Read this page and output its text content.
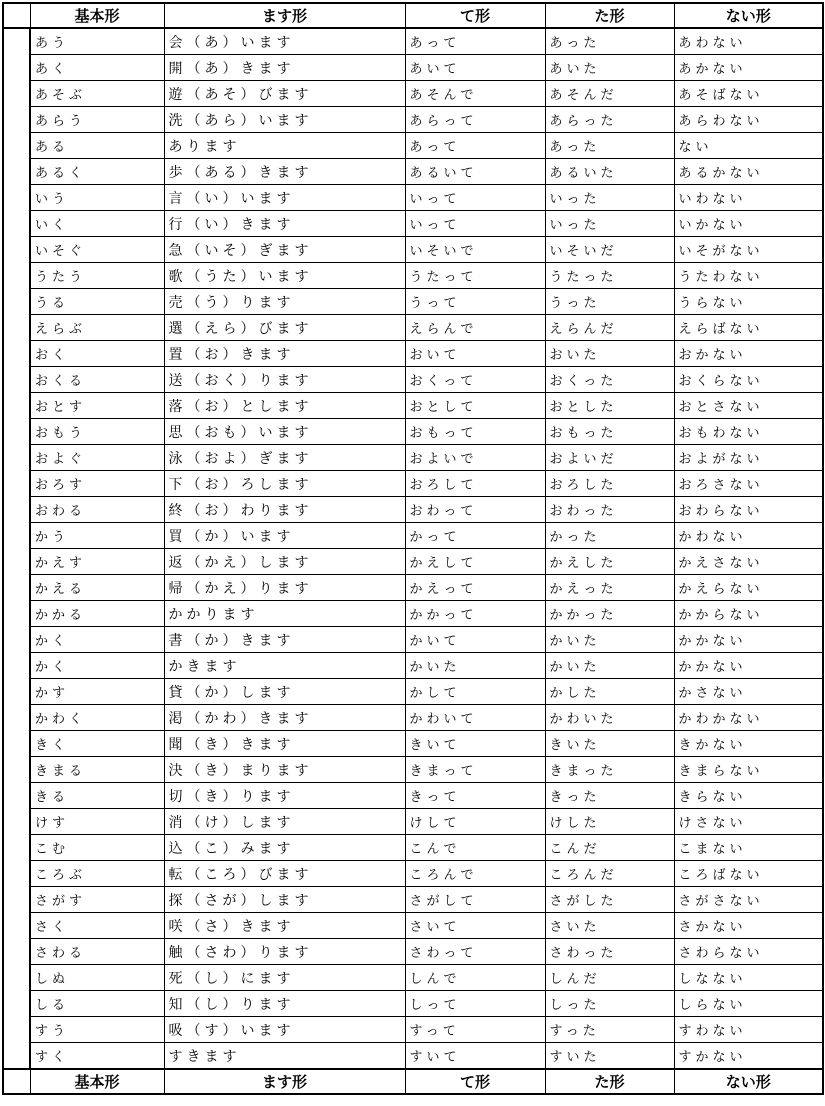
	基本形	ます形	て形	た形	ない形
	あう	会（あ）います	あって	あった	あわない
	あく	開（あ）きます	あいて	あいた	あかない
	あそぶ	遊（あそ）びます	あそんで	あそんだ	あそばない
	あらう	洗（あら）います	あらって	あらった	あらわない
	ある	あります	あって	あった	ない
	あるく	歩（ある）きます	あるいて	あるいた	あるかない
	いう	言（い）います	いって	いった	いわない
	いく	行（い）きます	いって	いった	いかない
	いそぐ	急（いそ）ぎます	いそいで	いそいだ	いそがない
	うたう	歌（うた）います	うたって	うたった	うたわない
	うる	売（う）ります	うって	うった	うらない
	えらぶ	選（えら）びます	えらんで	えらんだ	えらばない
	おく	置（お）きます	おいて	おいた	おかない
	おくる	送（おく）ります	おくって	おくった	おくらない
	おとす	落（お）とします	おとして	おとした	おとさない
	おもう	思（おも）います	おもって	おもった	おもわない
	およぐ	泳（およ）ぎます	およいで	およいだ	およがない
	おろす	下（お）ろします	おろして	おろした	おろさない
	おわる	終（お）わります	おわって	おわった	おわらない
	かう	買（か）います	かって	かった	かわない
	かえす	返（かえ）します	かえして	かえした	かえさない
	かえる	帰（かえ）ります	かえって	かえった	かえらない
	かかる	かかります	かかって	かかった	かからない
	かく	書（か）きます	かいて	かいた	かかない
	かく	かきます	かいた	かいた	かかない
	かす	貸（か）します	かして	かした	かさない
	かわく	渇（かわ）きます	かわいて	かわいた	かわかない
	きく	聞（き）きます	きいて	きいた	きかない
	きまる	決（き）まります	きまって	きまった	きまらない
	きる	切（き）ります	きって	きった	きらない
	けす	消（け）します	けして	けした	けさない
	こむ	込（こ）みます	こんで	こんだ	こまない
	ころぶ	転（ころ）びます	ころんで	ころんだ	ころばない
	さがす	探（さが）します	さがして	さがした	さがさない
	さく	咲（さ）きます	さいて	さいた	さかない
	さわる	触（さわ）ります	さわって	さわった	さわらない
	しぬ	死（し）にます	しんで	しんだ	しなない
	しる	知（し）ります	しって	しった	しらない
	すう	吸（す）います	すって	すった	すわない
	すく	すきます	すいて	すいた	すかない
	基本形	ます形	て形	た形	ない形
